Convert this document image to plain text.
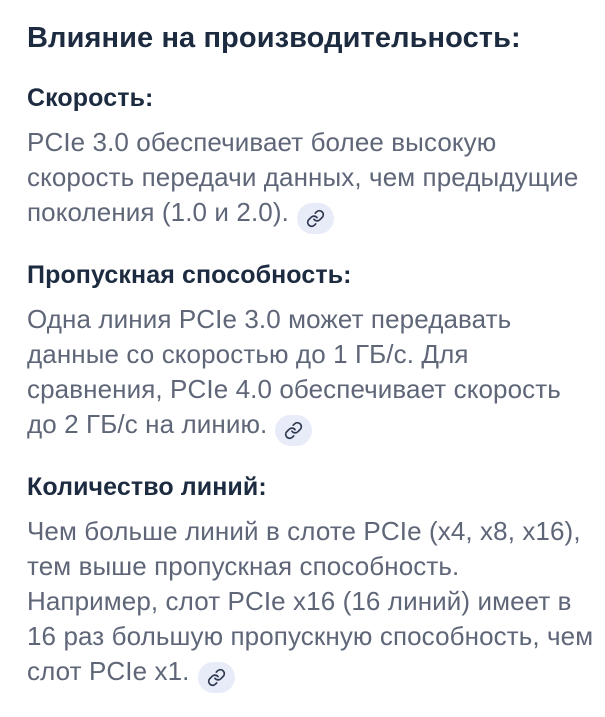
Влияние на производительность:
Скорость:

PCIe 3.0 обеспечивает более высокую скорость передачи данных, чем предыдущие поколения (1.0 и 2.0).

Пропускная способность:

Одна линия PCIe 3.0 может передавать данные со скоростью до 1 ГБ/с. Для сравнения, PCIe 4.0 обеспечивает скорость до 2 ГБ/с на линию.

Количество линий:

Чем больше линий в слоте PCIe (x4, x8, x16), тем выше пропускная способность. Например, слот PCIe x16 (16 линий) имеет в 16 раз большую пропускную способность, чем слот PCIe x1.
